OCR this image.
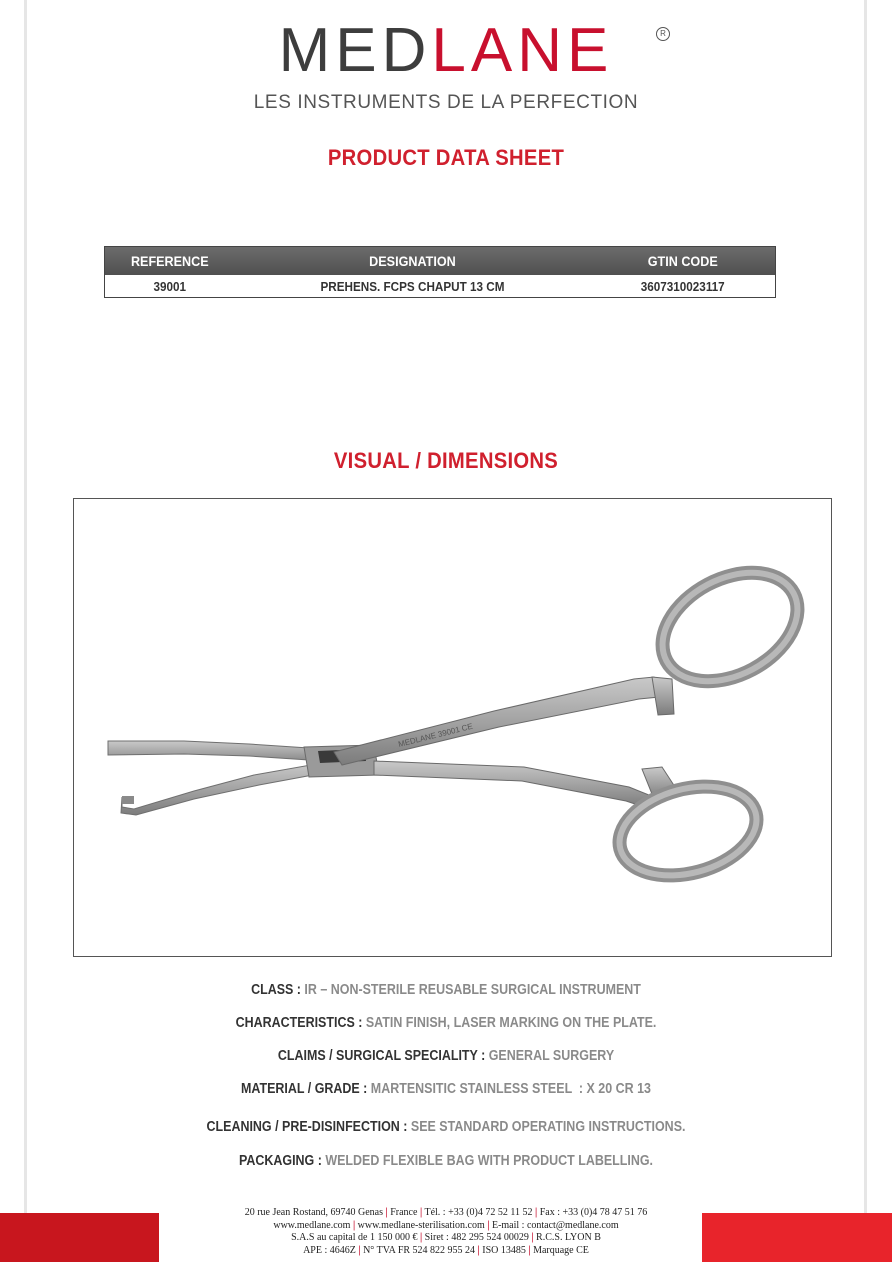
MEDLANE	R
LES INSTRUMENTS DE LA PERFECTION
PRODUCT DATA SHEET
REFERENCE	DESIGNATION	GTIN CODE
39001	PREHENS. FCPS CHAPUT 13 CM	3607310023117
VISUAL / DIMENSIONS
MEDLANE 39001 CE
CLASS : IR – NON-STERILE REUSABLE SURGICAL INSTRUMENT
CHARACTERISTICS : SATIN FINISH, LASER MARKING ON THE PLATE.
CLAIMS / SURGICAL SPECIALITY : GENERAL SURGERY
MATERIAL / GRADE : MARTENSITIC STAINLESS STEEL  : X 20 CR 13
CLEANING / PRE-DISINFECTION : SEE STANDARD OPERATING INSTRUCTIONS.
PACKAGING : WELDED FLEXIBLE BAG WITH PRODUCT LABELLING.
20 rue Jean Rostand, 69740 Genas | France | Tél. : +33 (0)4 72 52 11 52 | Fax : +33 (0)4 78 47 51 76
www.medlane.com | www.medlane-sterilisation.com | E-mail : contact@medlane.com
S.A.S au capital de 1 150 000 € | Siret : 482 295 524 00029 | R.C.S. LYON B
APE : 4646Z | N° TVA FR 524 822 955 24 | ISO 13485 | Marquage CE
